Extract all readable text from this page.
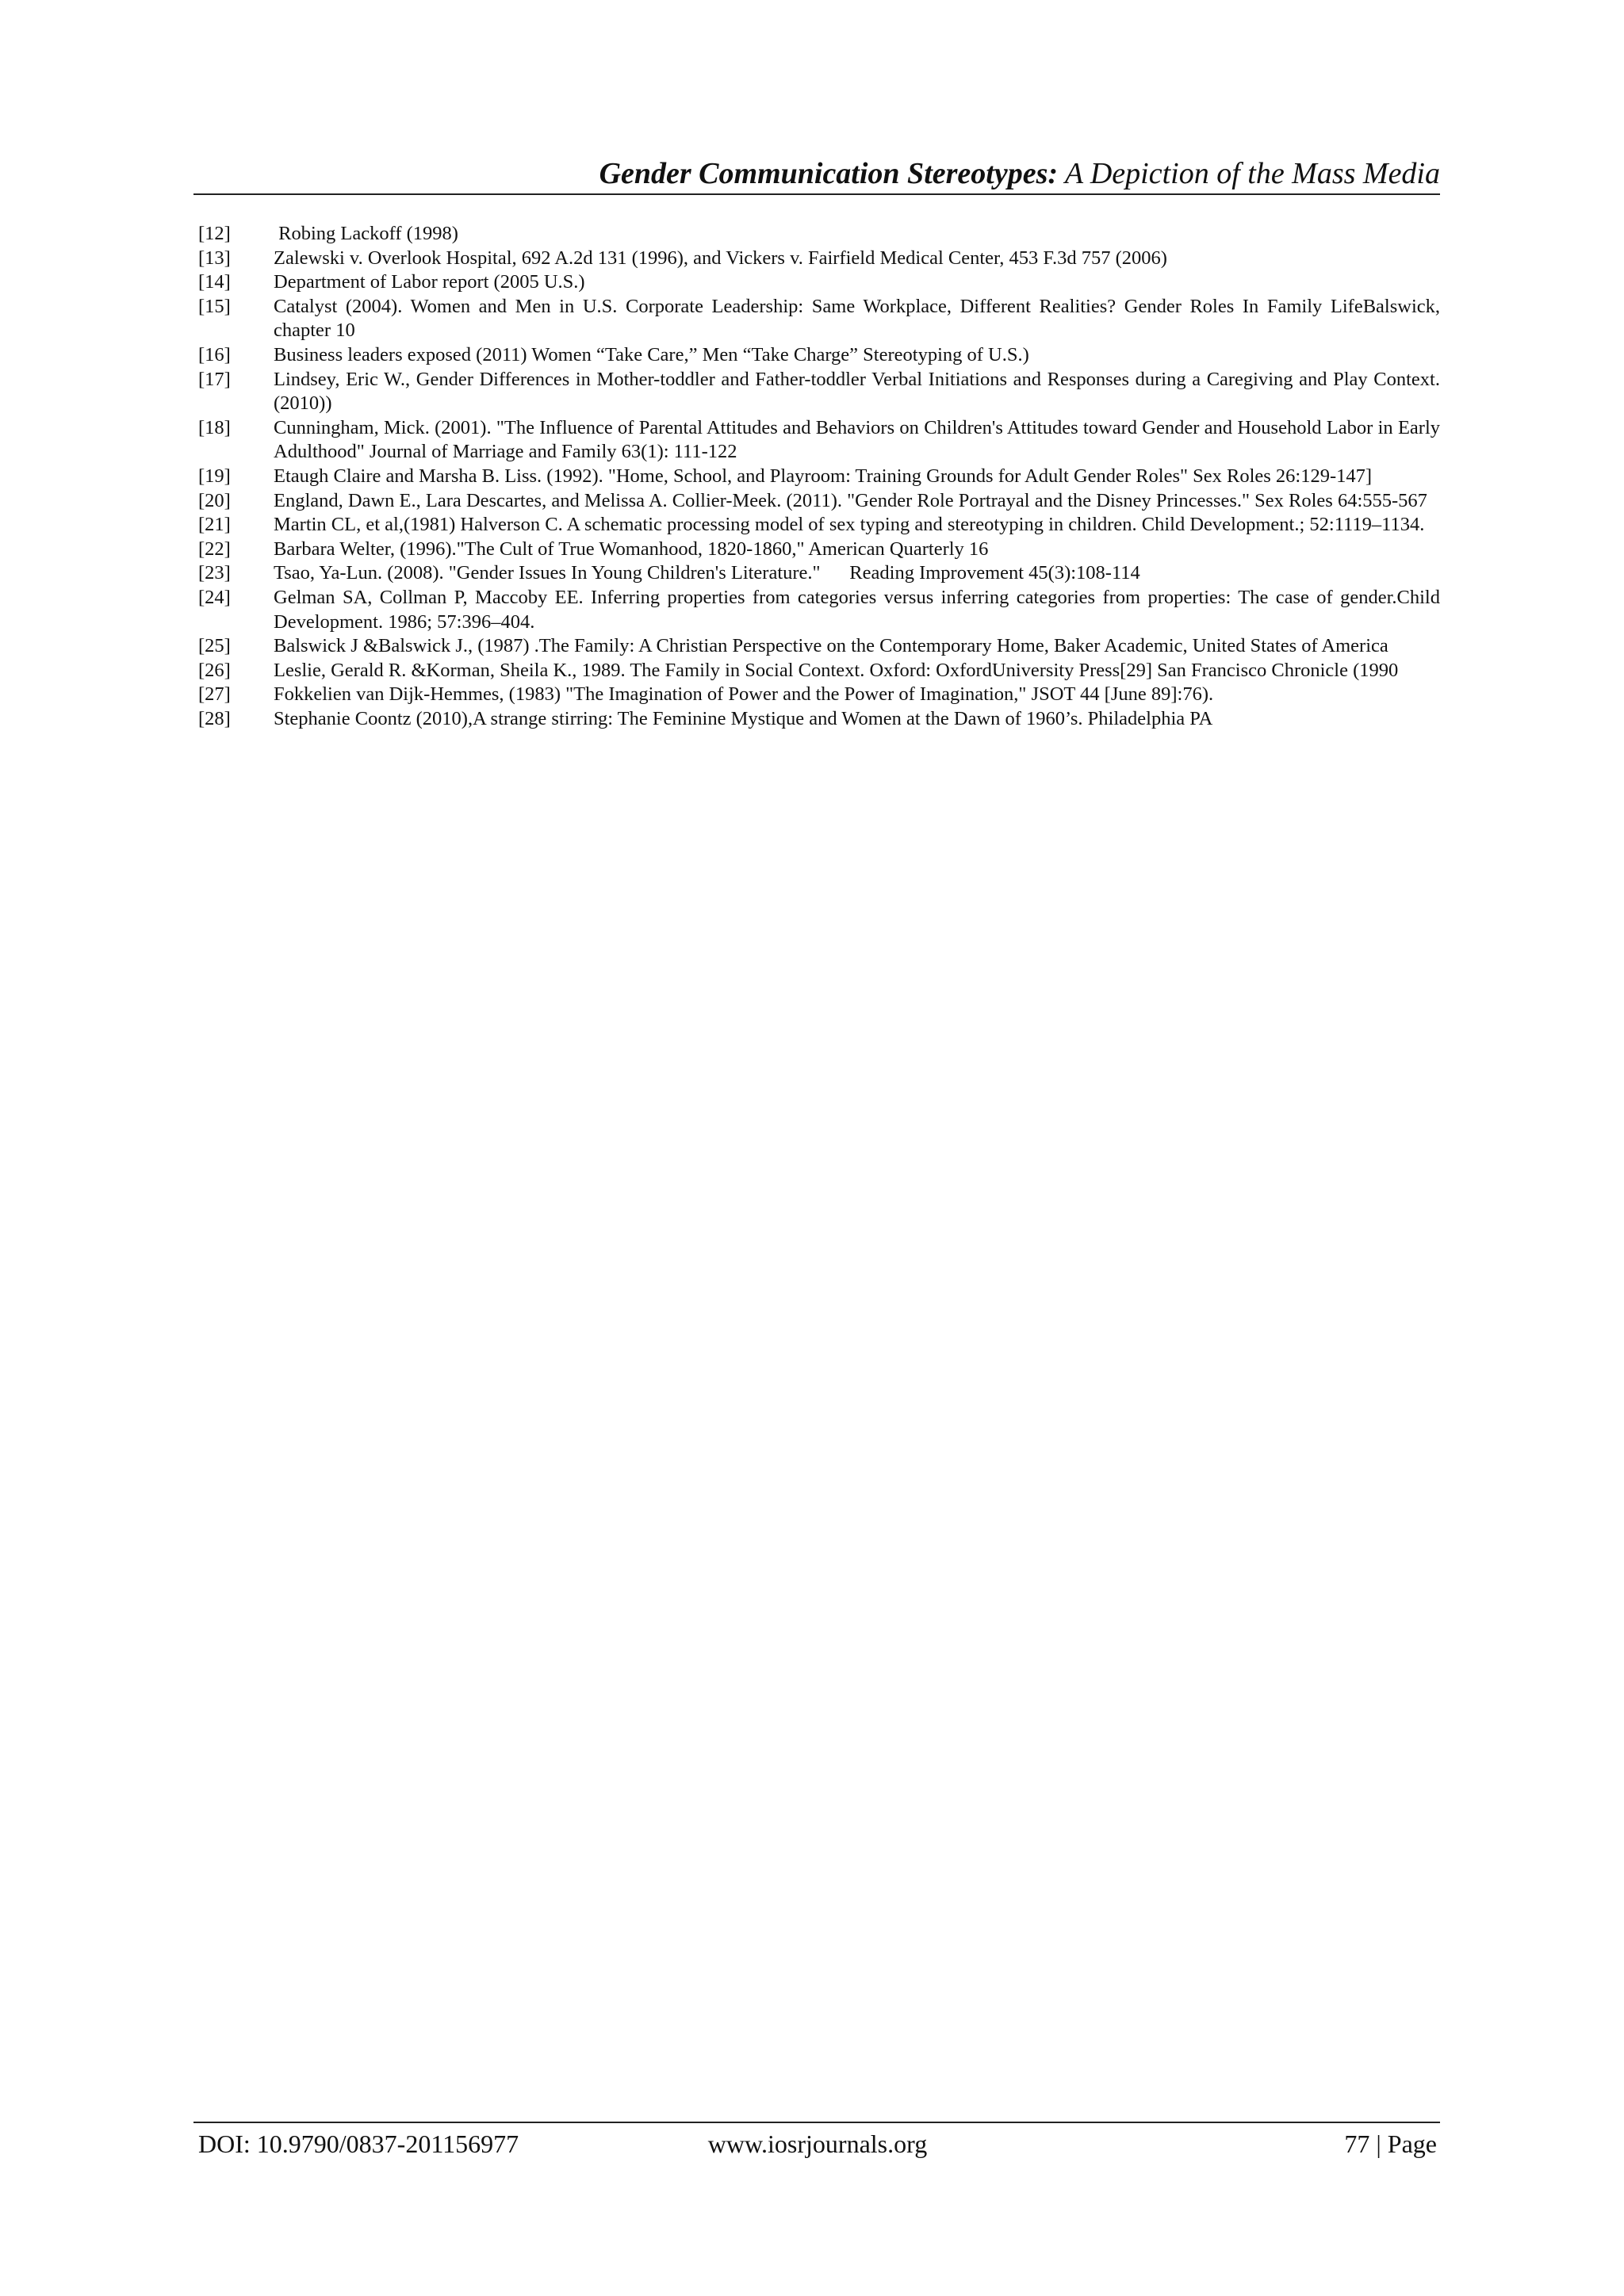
Gender Communication Stereotypes: A Depiction of the Mass Media
[12]	Robing Lackoff (1998)
[13]	Zalewski v. Overlook Hospital, 692 A.2d 131 (1996), and Vickers v. Fairfield Medical Center, 453 F.3d 757 (2006)
[14]	Department of Labor report (2005 U.S.)
[15]	Catalyst (2004). Women and Men in U.S. Corporate Leadership: Same Workplace, Different Realities? Gender Roles In Family LifeBalswick, chapter 10
[16]	Business leaders exposed (2011) Women “Take Care,” Men “Take Charge” Stereotyping of U.S.)
[17]	Lindsey, Eric W., Gender Differences in Mother-toddler and Father-toddler Verbal Initiations and Responses during a Caregiving and Play Context. (2010))
[18]	Cunningham, Mick. (2001). "The Influence of Parental Attitudes and Behaviors on Children's Attitudes toward Gender and Household Labor in Early Adulthood" Journal of Marriage and Family 63(1): 111-122
[19]	Etaugh Claire and Marsha B. Liss. (1992). "Home, School, and Playroom: Training Grounds for Adult Gender Roles" Sex Roles 26:129-147]
[20]	England, Dawn E., Lara Descartes, and Melissa A. Collier-Meek. (2011). "Gender Role Portrayal and the Disney Princesses." Sex Roles 64:555-567
[21]	Martin CL, et al,(1981) Halverson C. A schematic processing model of sex typing and stereotyping in children. Child Development.; 52:1119–1134.
[22]	Barbara Welter, (1996)."The Cult of True Womanhood, 1820-1860," American Quarterly 16
[23]	Tsao, Ya-Lun. (2008). "Gender Issues In Young Children's Literature."      Reading Improvement 45(3):108-114
[24]	Gelman SA, Collman P, Maccoby EE. Inferring properties from categories versus inferring categories from properties: The case of gender.Child Development. 1986; 57:396–404.
[25]	Balswick J &Balswick J., (1987) .The Family: A Christian Perspective on the Contemporary Home, Baker Academic, United States of America
[26]	Leslie, Gerald R. &Korman, Sheila K., 1989. The Family in Social Context. Oxford: OxfordUniversity Press[29] San Francisco Chronicle (1990
[27]	Fokkelien van Dijk-Hemmes, (1983) "The Imagination of Power and the Power of Imagination," JSOT 44 [June 89]:76).
[28]	Stephanie Coontz (2010),A strange stirring: The Feminine Mystique and Women at the Dawn of 1960’s. Philadelphia PA
DOI: 10.9790/0837-201156977	www.iosrjournals.org	77 | Page
